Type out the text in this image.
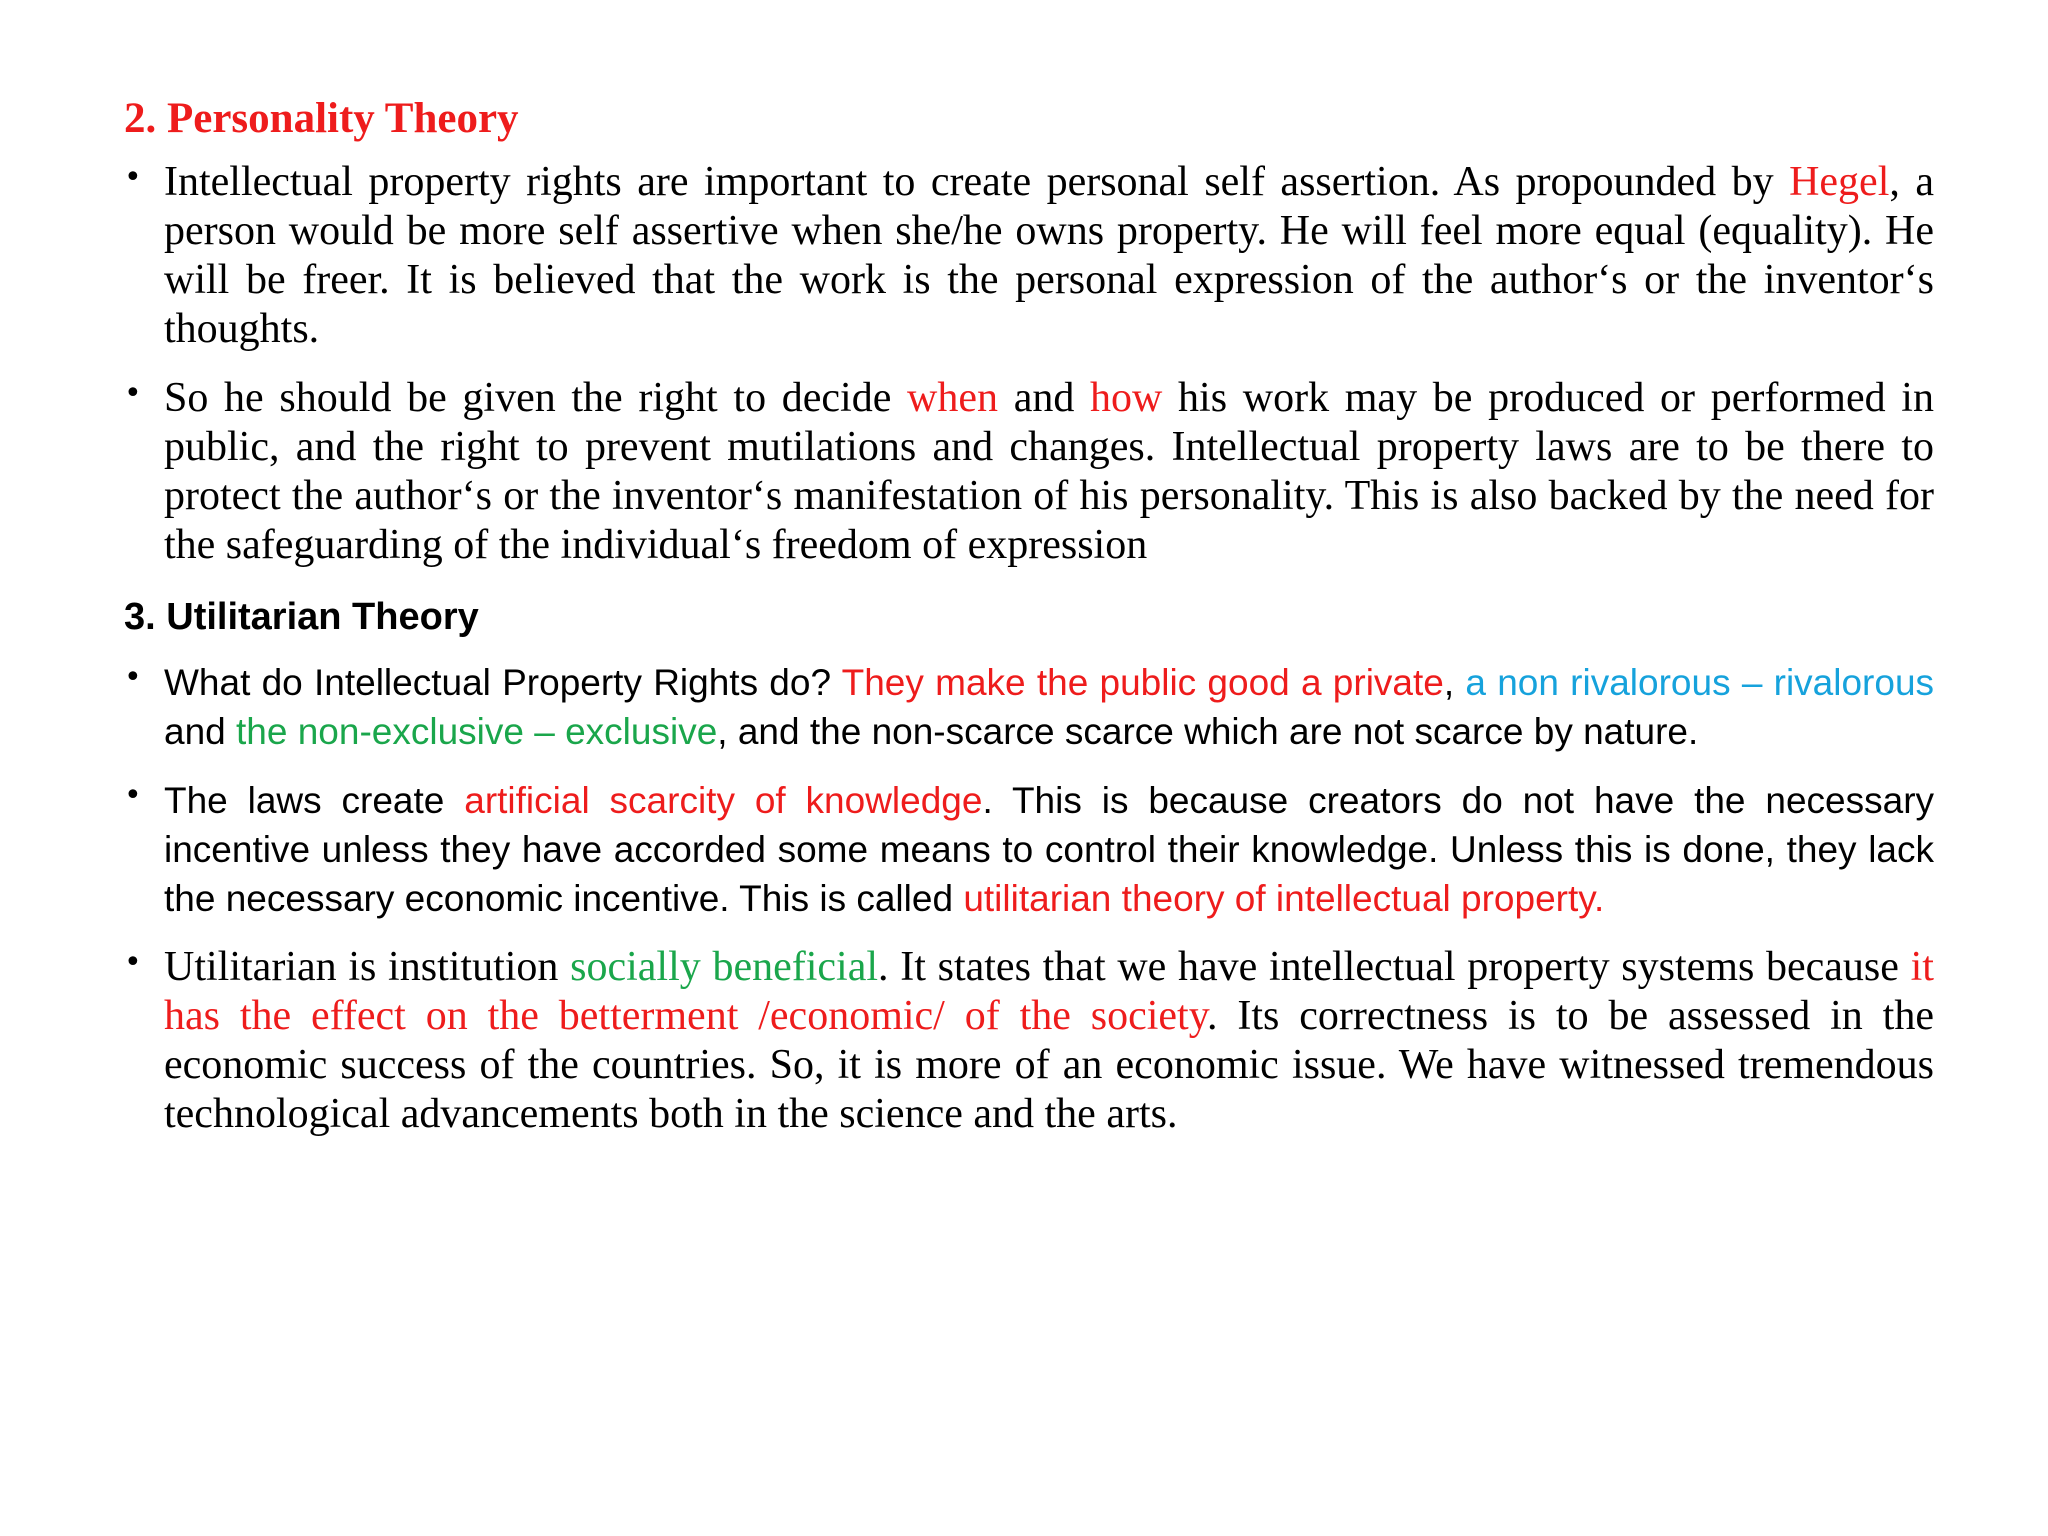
2. Personality Theory
• Intellectual property rights are important to create personal self assertion. As propounded by Hegel, a person would be more self assertive when she/he owns property. He will feel more equal (equality). He will be freer. It is believed that the work is the personal expression of the author‘s or the inventor‘s thoughts.
• So he should be given the right to decide when and how his work may be produced or performed in public, and the right to prevent mutilations and changes. Intellectual property laws are to be there to protect the author‘s or the inventor‘s manifestation of his personality. This is also backed by the need for the safeguarding of the individual‘s freedom of expression
3. Utilitarian Theory
• What do Intellectual Property Rights do? They make the public good a private, a non rivalorous – rivalorous and the non-exclusive – exclusive, and the non-scarce scarce which are not scarce by nature.
• The laws create artificial scarcity of knowledge. This is because creators do not have the necessary incentive unless they have accorded some means to control their knowledge. Unless this is done, they lack the necessary economic incentive. This is called utilitarian theory of intellectual property.
• Utilitarian is institution socially beneficial. It states that we have intellectual property systems because it has the effect on the betterment /economic/ of the society. Its correctness is to be assessed in the economic success of the countries. So, it is more of an economic issue. We have witnessed tremendous technological advancements both in the science and the arts.
